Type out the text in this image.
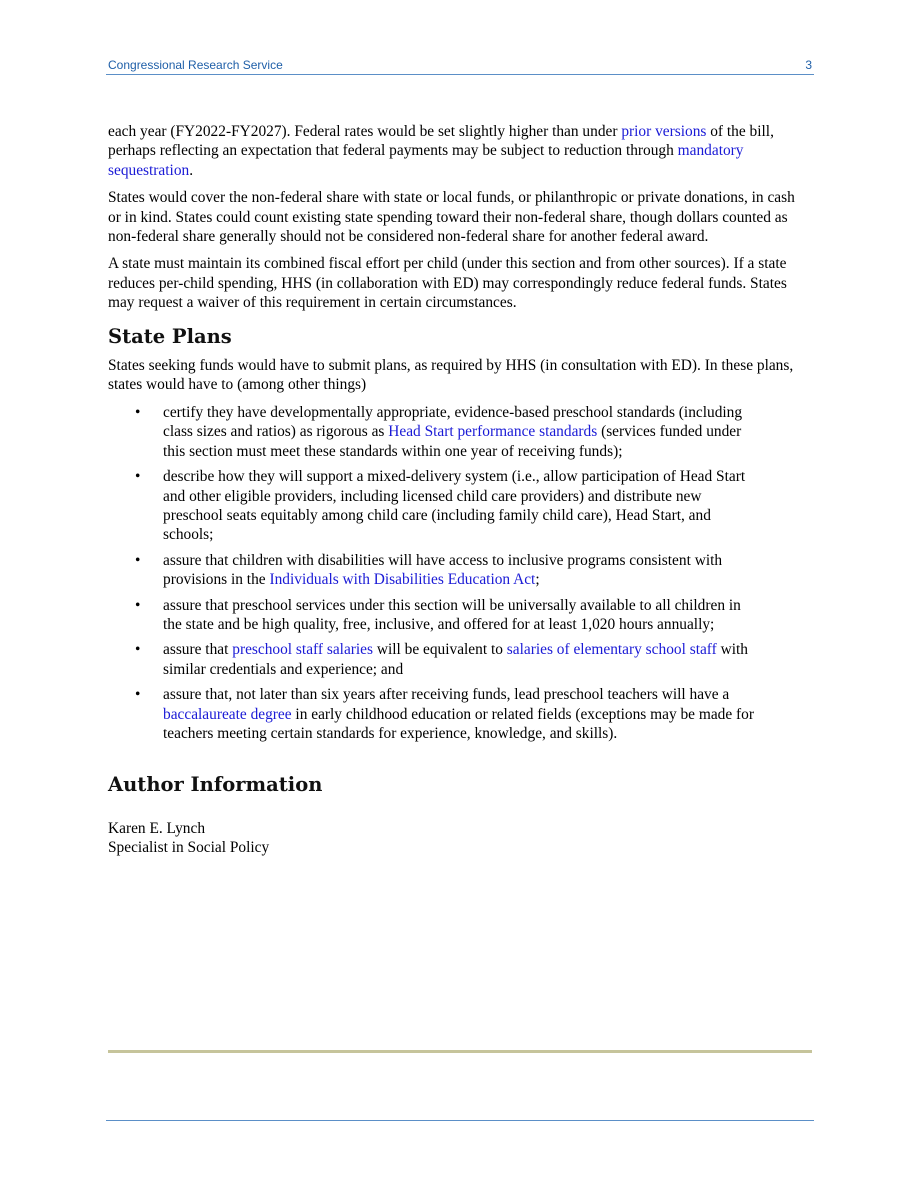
Congressional Research Service	3

each year (FY2022-FY2027). Federal rates would be set slightly higher than under prior versions of the bill, perhaps reflecting an expectation that federal payments may be subject to reduction through mandatory sequestration.

States would cover the non-federal share with state or local funds, or philanthropic or private donations, in cash or in kind. States could count existing state spending toward their non-federal share, though dollars counted as non-federal share generally should not be considered non-federal share for another federal award.

A state must maintain its combined fiscal effort per child (under this section and from other sources). If a state reduces per-child spending, HHS (in collaboration with ED) may correspondingly reduce federal funds. States may request a waiver of this requirement in certain circumstances.

State Plans

States seeking funds would have to submit plans, as required by HHS (in consultation with ED). In these plans, states would have to (among other things)

• certify they have developmentally appropriate, evidence-based preschool standards (including class sizes and ratios) as rigorous as Head Start performance standards (services funded under this section must meet these standards within one year of receiving funds);
• describe how they will support a mixed-delivery system (i.e., allow participation of Head Start and other eligible providers, including licensed child care providers) and distribute new preschool seats equitably among child care (including family child care), Head Start, and schools;
• assure that children with disabilities will have access to inclusive programs consistent with provisions in the Individuals with Disabilities Education Act;
• assure that preschool services under this section will be universally available to all children in the state and be high quality, free, inclusive, and offered for at least 1,020 hours annually;
• assure that preschool staff salaries will be equivalent to salaries of elementary school staff with similar credentials and experience; and
• assure that, not later than six years after receiving funds, lead preschool teachers will have a baccalaureate degree in early childhood education or related fields (exceptions may be made for teachers meeting certain standards for experience, knowledge, and skills).
Author Information
Karen E. Lynch
Specialist in Social Policy
